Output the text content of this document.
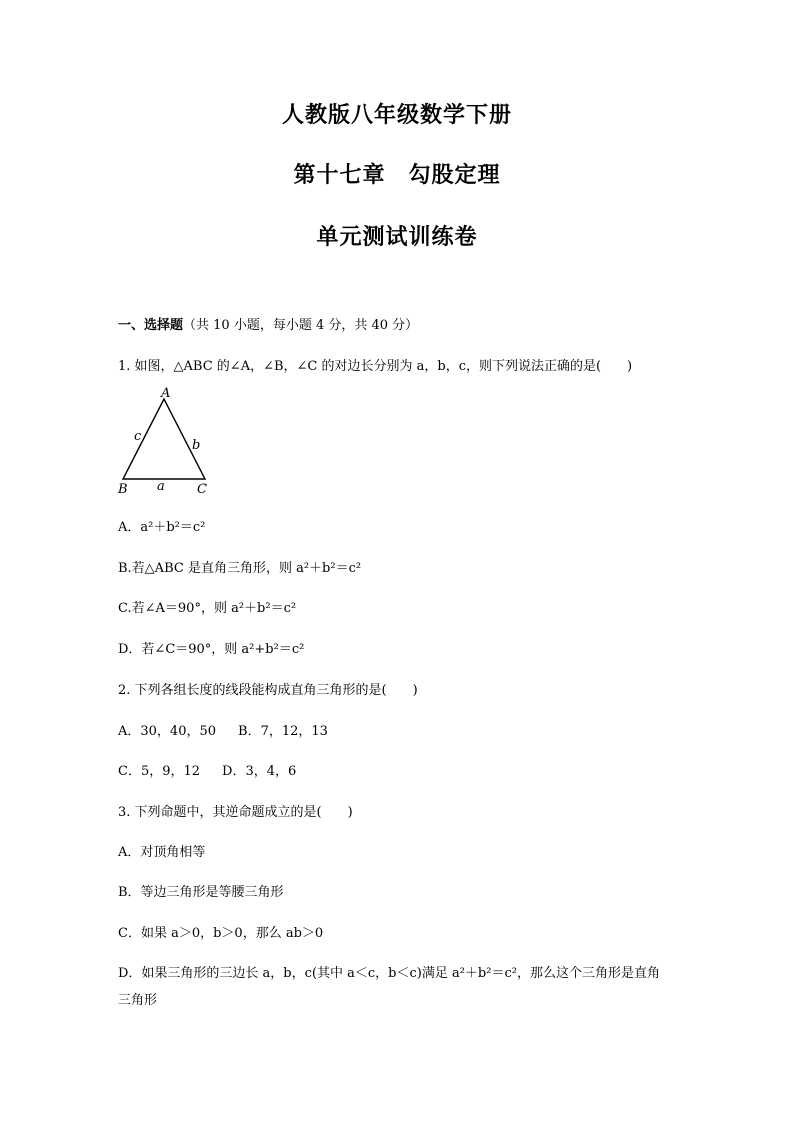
人教版八年级数学下册
第十七章　勾股定理
单元测试训练卷
一、选择题（共 10 小题，每小题 4 分，共 40 分）
1. 如图，△ABC 的∠A，∠B，∠C 的对边长分别为 a，b，c，则下列说法正确的是(　　)
A
B	C
a
b
c
A．a²＋b²＝c²
B.若△ABC 是直角三角形，则 a²＋b²＝c²
C.若∠A＝90°，则 a²＋b²＝c²
D．若∠C＝90°，则 a²+b²＝c²
2. 下列各组长度的线段能构成直角三角形的是(　　)
A．30，40，50 B．7，12，13
C．5，9，12 D．3，4，6
3. 下列命题中，其逆命题成立的是(　　)
A．对顶角相等
B．等边三角形是等腰三角形
C．如果 a＞0，b＞0，那么 ab＞0
D．如果三角形的三边长 a，b，c(其中 a＜c，b＜c)满足 a²＋b²＝c²，那么这个三角形是直角
三角形
